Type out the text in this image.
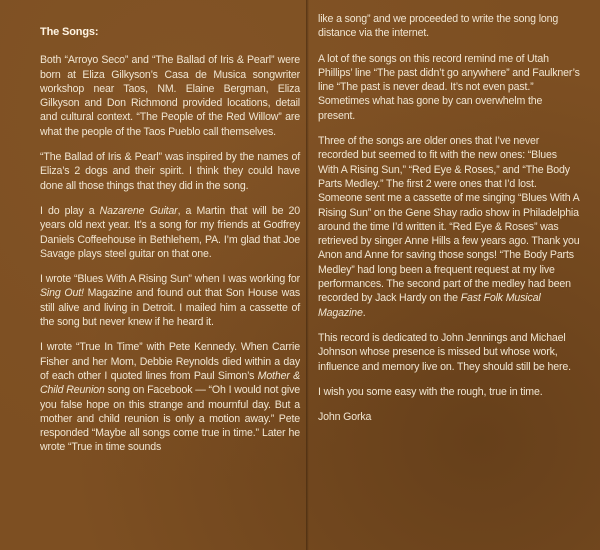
The Songs:

Both “Arroyo Seco” and “The Ballad of Iris & Pearl” were born at Eliza Gilkyson’s Casa de Musica songwriter workshop near Taos, NM. Elaine Bergman, Eliza Gilkyson and Don Richmond provided locations, detail and cultural context. “The People of the Red Willow” are what the people of the Taos Pueblo call themselves.

“The Ballad of Iris & Pearl” was inspired by the names of Eliza’s 2 dogs and their spirit. I think they could have done all those things that they did in the song.

I do play a Nazarene Guitar, a Martin that will be 20 years old next year. It’s a song for my friends at Godfrey Daniels Coffeehouse in Bethlehem, PA. I’m glad that Joe Savage plays steel guitar on that one.

I wrote “Blues With A Rising Sun” when I was working for Sing Out! Magazine and found out that Son House was still alive and living in Detroit. I mailed him a cassette of the song but never knew if he heard it.

I wrote “True In Time” with Pete Kennedy. When Carrie Fisher and her Mom, Debbie Reynolds died within a day of each other I quoted lines from Paul Simon’s Mother & Child Reunion song on Facebook — “Oh I would not give you false hope on this strange and mournful day. But a mother and child reunion is only a motion away.” Pete responded “Maybe all songs come true in time.” Later he wrote “True in time sounds

like a song” and we proceeded to write the song long distance via the internet.

A lot of the songs on this record remind me of Utah Phillips’ line “The past didn’t go anywhere” and Faulkner’s line “The past is never dead. It’s not even past.” Sometimes what has gone by can overwhelm the present.

Three of the songs are older ones that I’ve never recorded but seemed to fit with the new ones: “Blues With A Rising Sun,” “Red Eye & Roses,” and “The Body Parts Medley.” The first 2 were ones that I’d lost. Someone sent me a cassette of me singing “Blues With A Rising Sun” on the Gene Shay radio show in Philadelphia around the time I’d written it. “Red Eye & Roses” was retrieved by singer Anne Hills a few years ago. Thank you Anon and Anne for saving those songs! “The Body Parts Medley” had long been a frequent request at my live performances. The second part of the medley had been recorded by Jack Hardy on the Fast Folk Musical Magazine.

This record is dedicated to John Jennings and Michael Johnson whose presence is missed but whose work, influence and memory live on. They should still be here.

I wish you some easy with the rough, true in time.

John Gorka
